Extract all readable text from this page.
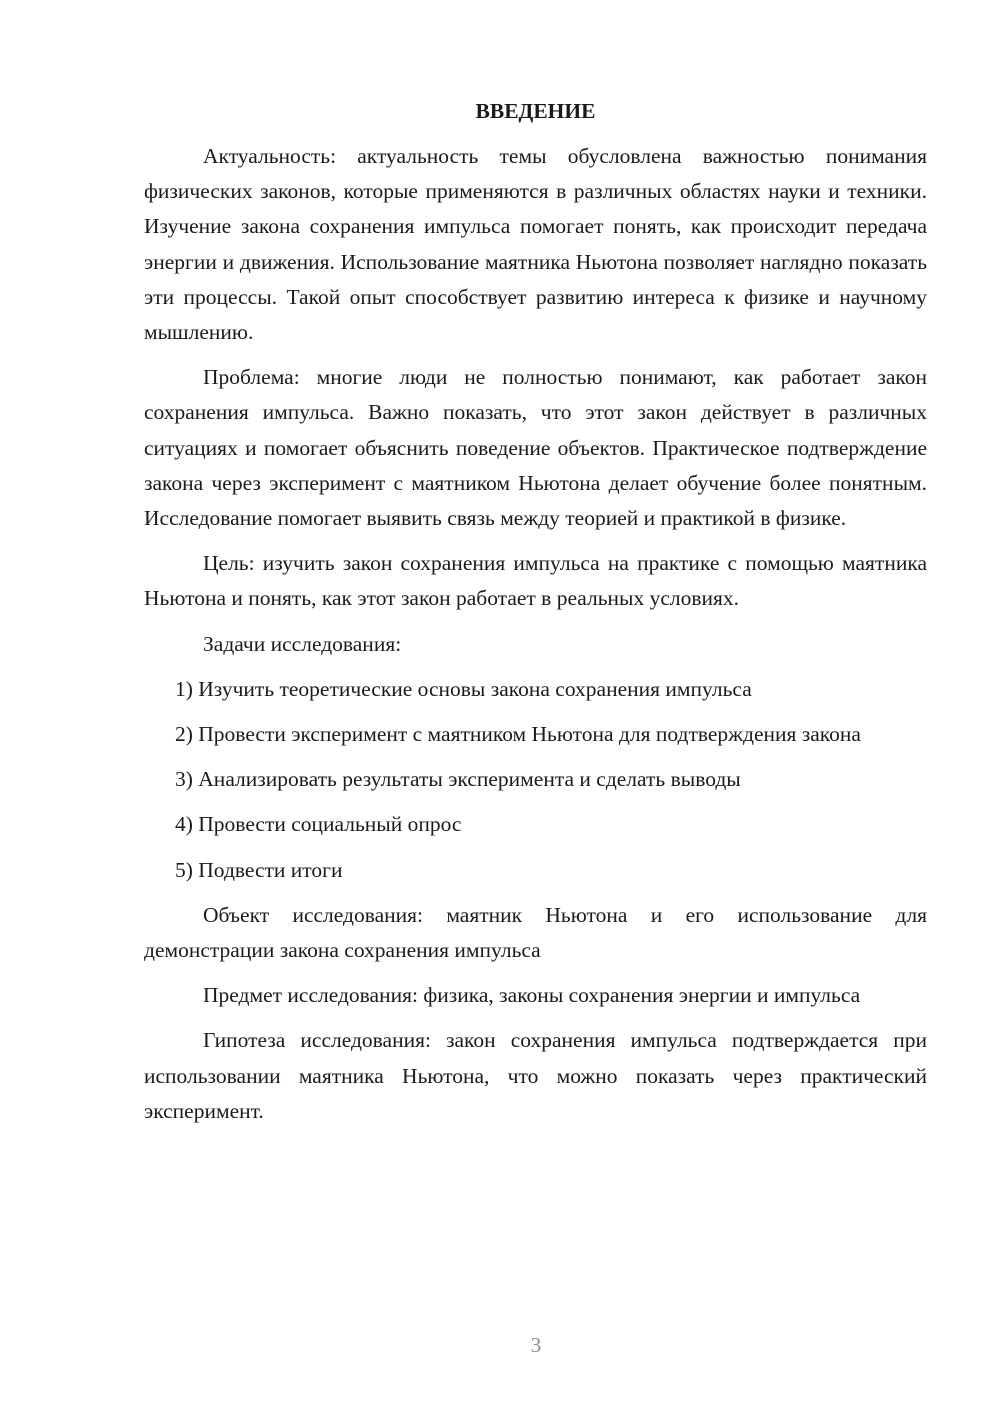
ВВЕДЕНИЕ

Актуальность: актуальность темы обусловлена важностью понимания физических законов, которые применяются в различных областях науки и техники. Изучение закона сохранения импульса помогает понять, как происходит передача энергии и движения. Использование маятника Ньютона позволяет наглядно показать эти процессы. Такой опыт способствует развитию интереса к физике и научному мышлению.

Проблема: многие люди не полностью понимают, как работает закон сохранения импульса. Важно показать, что этот закон действует в различных ситуациях и помогает объяснить поведение объектов. Практическое подтверждение закона через эксперимент с маятником Ньютона делает обучение более понятным. Исследование помогает выявить связь между теорией и практикой в физике.

Цель: изучить закон сохранения импульса на практике с помощью маятника Ньютона и понять, как этот закон работает в реальных условиях.

Задачи исследования:

1) Изучить теоретические основы закона сохранения импульса

2) Провести эксперимент с маятником Ньютона для подтверждения закона

3) Анализировать результаты эксперимента и сделать выводы

4) Провести социальный опрос

5) Подвести итоги

Объект исследования: маятник Ньютона и его использование для демонстрации закона сохранения импульса

Предмет исследования: физика, законы сохранения энергии и импульса

Гипотеза исследования: закон сохранения импульса подтверждается при использовании маятника Ньютона, что можно показать через практический эксперимент.

3
